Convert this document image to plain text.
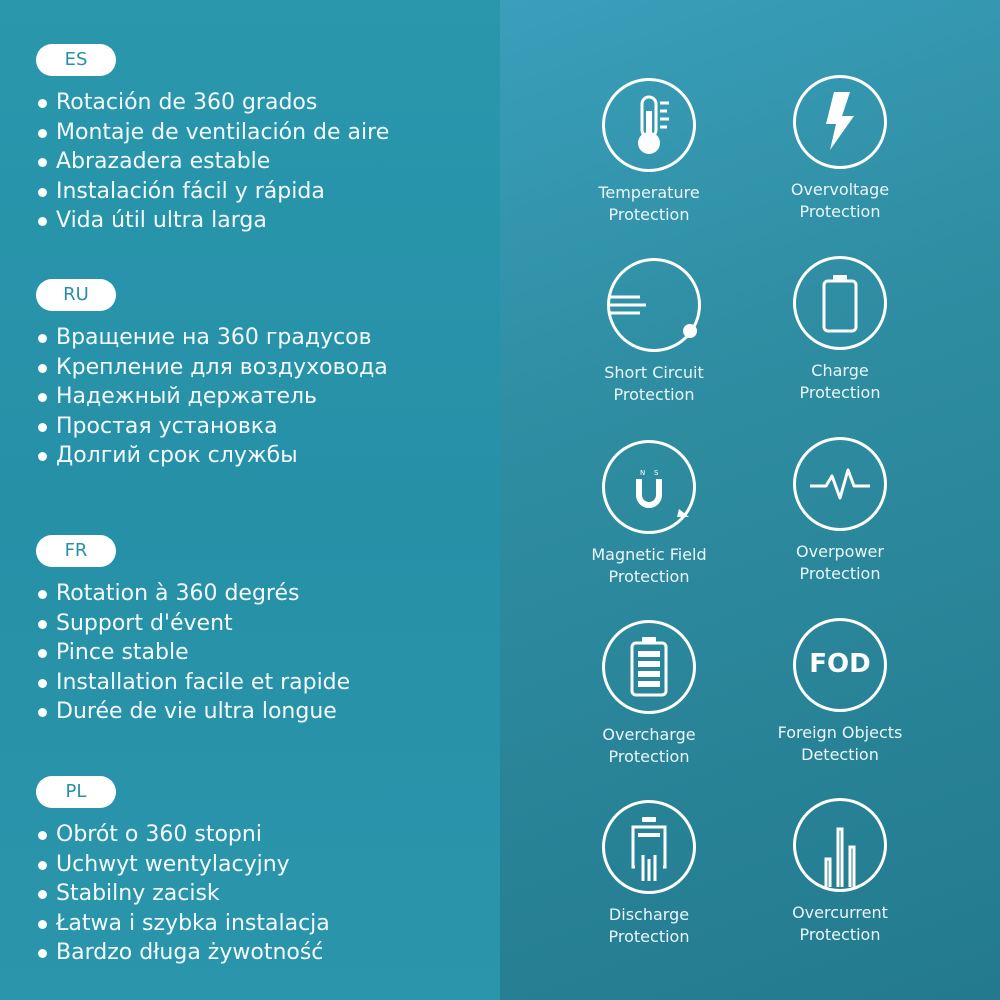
ES
Rotación de 360 grados
Montaje de ventilación de aire
Abrazadera estable
Instalación fácil y rápida
Vida útil ultra larga
RU
Вращение на 360 градусов
Крепление для воздуховода
Надежный держатель
Простая установка
Долгий срок службы
FR
Rotation à 360 degrés
Support d'évent
Pince stable
Installation facile et rapide
Durée de vie ultra longue
PL
Obrót o 360 stopni
Uchwyt wentylacyjny
Stabilny zacisk
Łatwa i szybka instalacja
Bardzo długa żywotność
Temperature
Protection
Overvoltage
Protection
Short Circuit
Protection
Charge
Protection
N S
Magnetic Field
Protection
Overpower
Protection
Overcharge
Protection
FOD
Foreign Objects
Detection
Discharge
Protection
Overcurrent
Protection
